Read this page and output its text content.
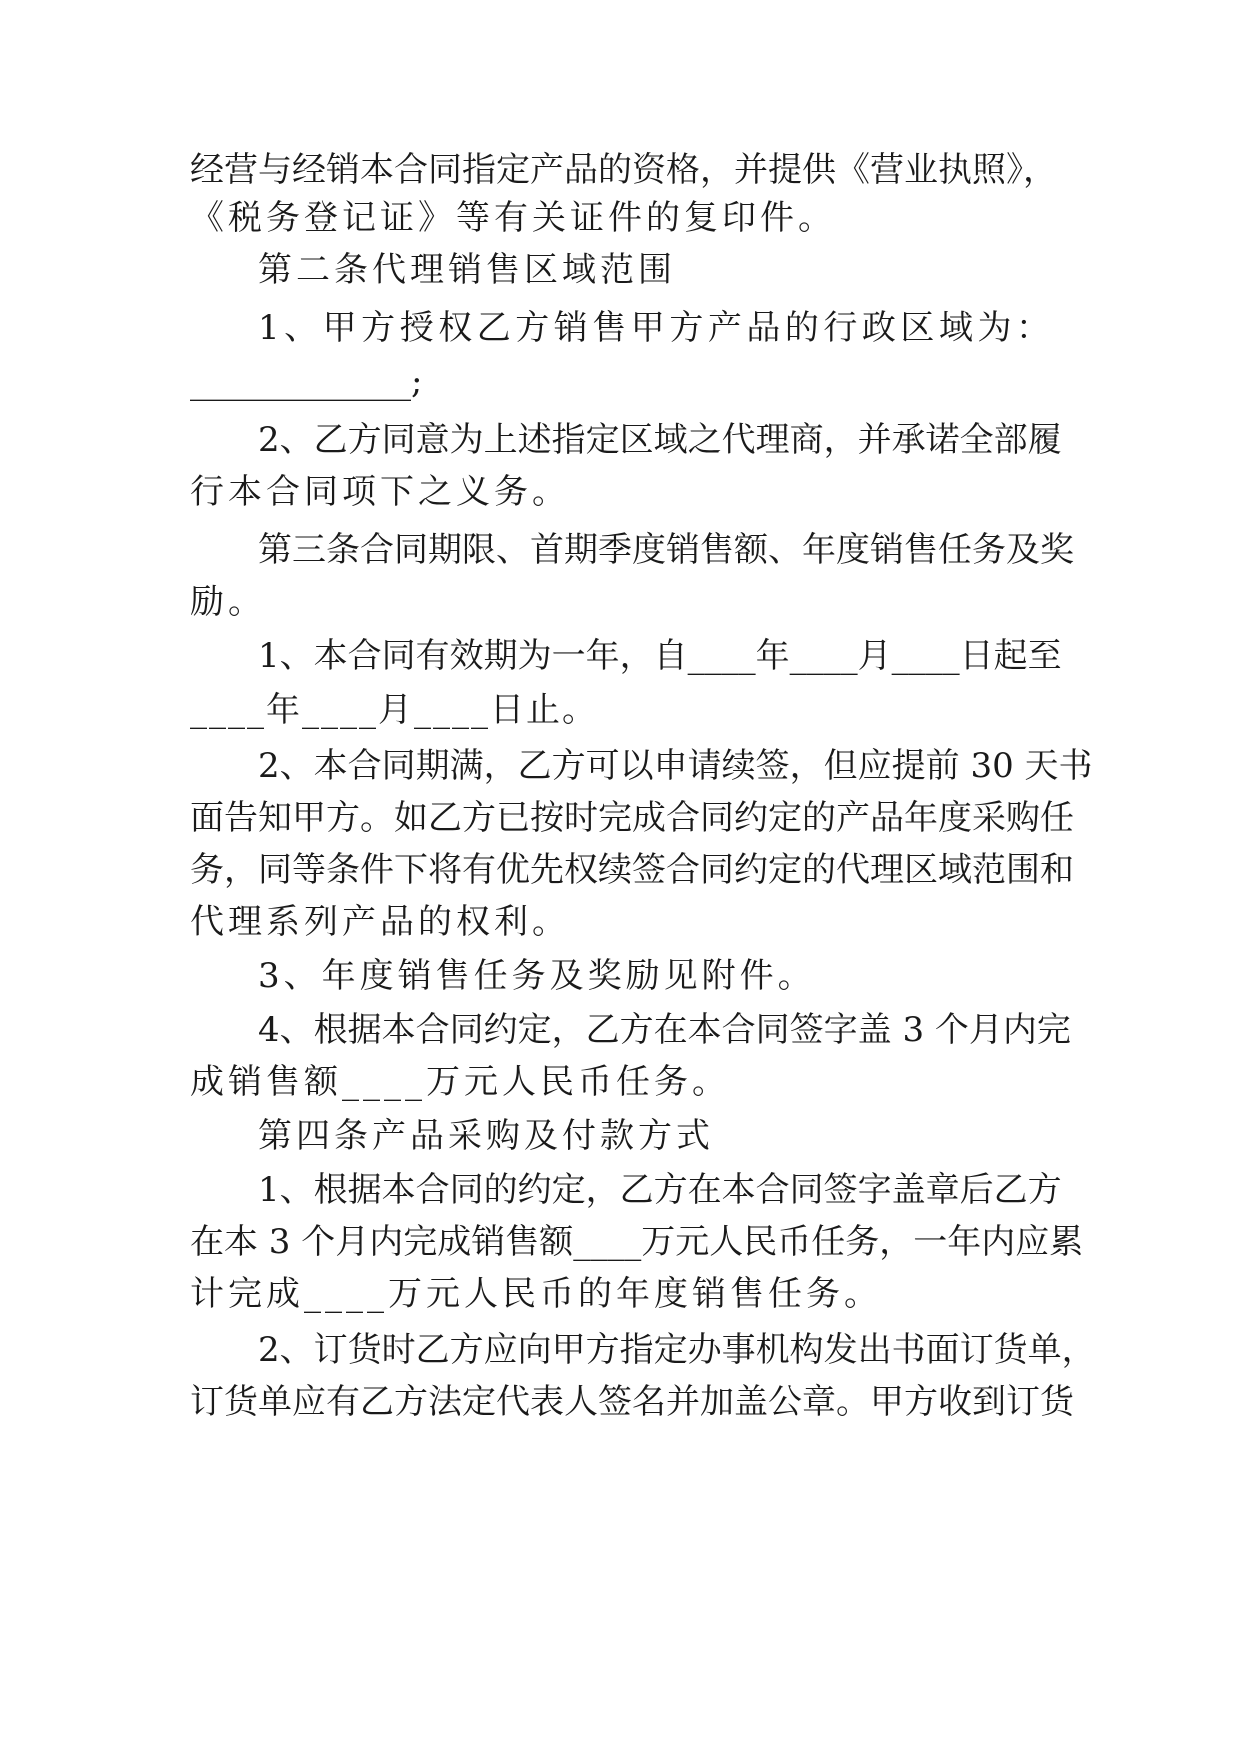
经营与经销本合同指定产品的资格，并提供《营业执照》，

《税务登记证》等有关证件的复印件。

第二条代理销售区域范围

1、甲方授权乙方销售甲方产品的行政区域为：

_____________;

2、乙方同意为上述指定区域之代理商，并承诺全部履

行本合同项下之义务。

第三条合同期限、首期季度销售额、年度销售任务及奖

励。

1、本合同有效期为一年，自____年____月____日起至

____年____月____日止。

2、本合同期满，乙方可以申请续签，但应提前 30 天书

面告知甲方。如乙方已按时完成合同约定的产品年度采购任

务，同等条件下将有优先权续签合同约定的代理区域范围和

代理系列产品的权利。

3、年度销售任务及奖励见附件。

4、根据本合同约定，乙方在本合同签字盖 3 个月内完

成销售额____万元人民币任务。

第四条产品采购及付款方式

1、根据本合同的约定，乙方在本合同签字盖章后乙方

在本 3 个月内完成销售额____万元人民币任务，一年内应累

计完成____万元人民币的年度销售任务。

2、订货时乙方应向甲方指定办事机构发出书面订货单，

订货单应有乙方法定代表人签名并加盖公章。甲方收到订货
